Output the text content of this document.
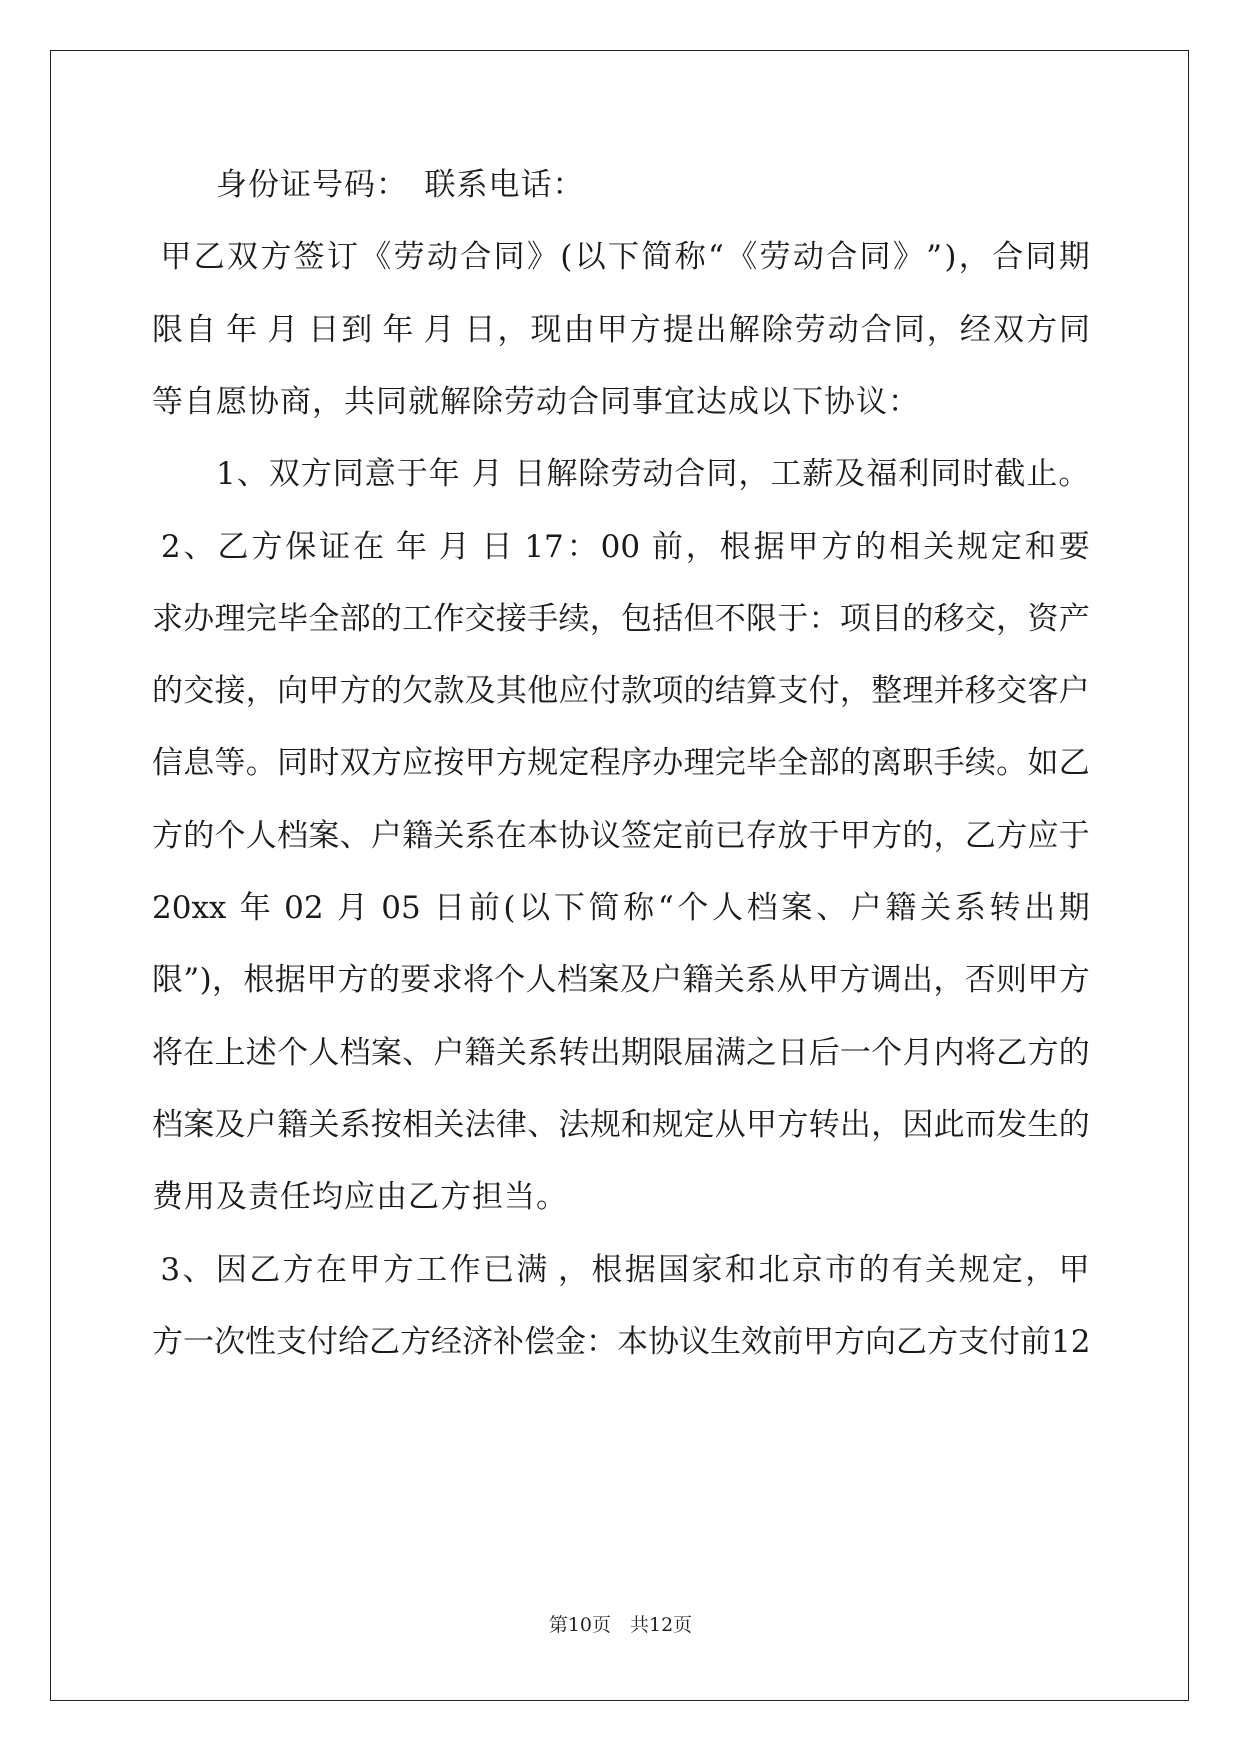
　　身份证号码：　联系电话：
甲 乙 双 方 签 订 《 劳 动 合 同 》 ( 以 下 简 称 “ 《 劳 动 合 同 》 ” ) ， 合 同 期
限 自 年 月 日 到 年 月 日 ， 现 由 甲 方 提 出 解 除 劳 动 合 同 ， 经 双 方 同
等自愿协商，共同就解除劳动合同事宜达成以下协议：
　　1、双方同意于年 月 日解除劳动合同，工薪及福利同时截止。
2 、 乙 方 保 证 在 年 月 日 17 ： 00 前 ， 根 据 甲 方 的 相 关 规 定 和 要
求 办 理 完 毕 全 部 的 工 作 交 接 手 续 ， 包 括 但 不 限 于 ： 项 目 的 移 交 ， 资 产
的 交 接 ， 向 甲 方 的 欠 款 及 其 他 应 付 款 项 的 结 算 支 付 ， 整 理 并 移 交 客 户
信 息 等 。 同 时 双 方 应 按 甲 方 规 定 程 序 办 理 完 毕 全 部 的 离 职 手 续 。 如 乙
方 的 个 人 档 案 、 户 籍 关 系 在 本 协 议 签 定 前 已 存 放 于 甲 方 的 ， 乙 方 应 于
20xx 年 02 月 05 日 前 ( 以 下 简 称 “ 个 人 档 案 、 户 籍 关 系 转 出 期
限 ” ) ， 根 据 甲 方 的 要 求 将 个 人 档 案 及 户 籍 关 系 从 甲 方 调 出 ， 否 则 甲 方
将 在 上 述 个 人 档 案 、 户 籍 关 系 转 出 期 限 届 满 之 日 后 一 个 月 内 将 乙 方 的
档 案 及 户 籍 关 系 按 相 关 法 律 、 法 规 和 规 定 从 甲 方 转 出 ， 因 此 而 发 生 的
费用及责任均应由乙方担当。
3 、 因 乙 方 在 甲 方 工 作 已 满 ， 根 据 国 家 和 北 京 市 的 有 关 规 定 ， 甲
方 一 次 性 支 付 给 乙 方 经 济 补 偿 金 ： 本 协 议 生 效 前 甲 方 向 乙 方 支 付 前 12
第10页　共12页
